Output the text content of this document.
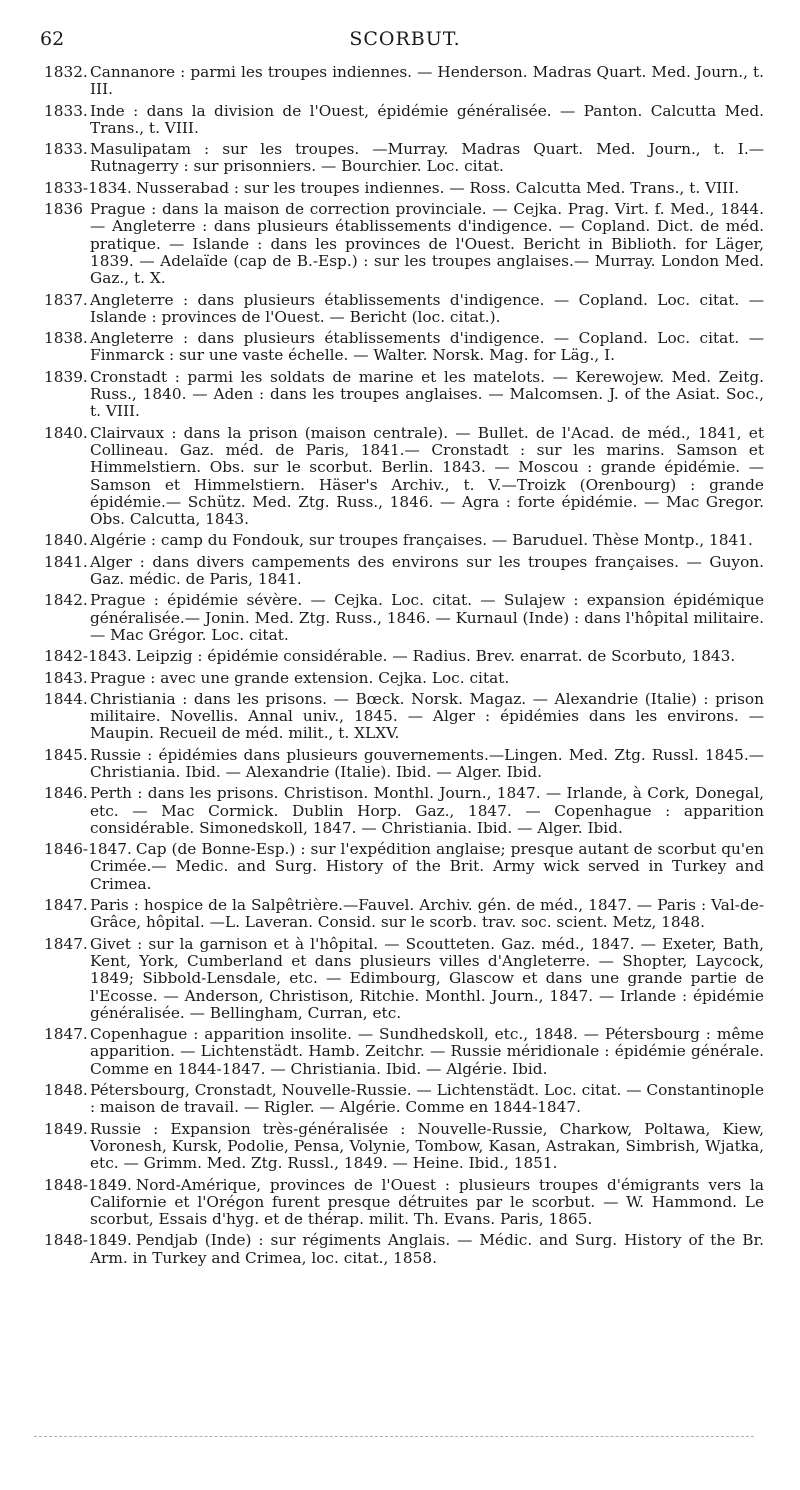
62	SCORBUT.
1832. Cannanore : parmi les troupes indiennes. — Henderson. Madras Quart. Med. Journ., t. III.
1833. Inde : dans la division de l'Ouest, épidémie généralisée. — Panton. Calcutta Med. Trans., t. VIII.
1833. Masulipatam : sur les troupes. —Murray. Madras Quart. Med. Journ., t. I.— Rutnagerry : sur prisonniers. — Bourchier. Loc. citat.
1833-1834. Nusserabad : sur les troupes indiennes. — Ross. Calcutta Med. Trans., t. VIII.
1836 Prague : dans la maison de correction provinciale. — Cejka. Prag. Virt. f. Med., 1844. — Angleterre : dans plusieurs établissements d'indigence. — Copland. Dict. de méd. pratique. — Islande : dans les provinces de l'Ouest. Bericht in Biblioth. for Läger, 1839. — Adelaïde (cap de B.-Esp.) : sur les troupes anglaises.— Murray. London Med. Gaz., t. X.
1837. Angleterre : dans plusieurs établissements d'indigence. — Copland. Loc. citat. — Islande : provinces de l'Ouest. — Bericht (loc. citat.).
1838. Angleterre : dans plusieurs établissements d'indigence. — Copland. Loc. citat. — Finmarck : sur une vaste échelle. — Walter. Norsk. Mag. for Läg., I.
1839. Cronstadt : parmi les soldats de marine et les matelots. — Kerewojew. Med. Zeitg. Russ., 1840. — Aden : dans les troupes anglaises. — Malcomsen. J. of the Asiat. Soc., t. VIII.
1840. Clairvaux : dans la prison (maison centrale). — Bullet. de l'Acad. de méd., 1841, et Collineau. Gaz. méd. de Paris, 1841.— Cronstadt : sur les marins. Samson et Himmelstiern. Obs. sur le scorbut. Berlin. 1843. — Moscou : grande épidémie. — Samson et Himmelstiern. Häser's Archiv., t. V.—Troizk (Orenbourg) : grande épidémie.— Schütz. Med. Ztg. Russ., 1846. — Agra : forte épidémie. — Mac Gregor. Obs. Calcutta, 1843.
1840. Algérie : camp du Fondouk, sur troupes françaises. — Baruduel. Thèse Montp., 1841.
1841. Alger : dans divers campements des environs sur les troupes françaises. — Guyon. Gaz. médic. de Paris, 1841.
1842. Prague : épidémie sévère. — Cejka. Loc. citat. — Sulajew : expansion épidémique généralisée.— Jonin. Med. Ztg. Russ., 1846. — Kurnaul (Inde) : dans l'hôpital militaire. — Mac Grégor. Loc. citat.
1842-1843. Leipzig : épidémie considérable. — Radius. Brev. enarrat. de Scorbuto, 1843.
1843. Prague : avec une grande extension. Cejka. Loc. citat.
1844. Christiania : dans les prisons. — Bœck. Norsk. Magaz. — Alexandrie (Italie) : prison militaire. Novellis. Annal univ., 1845. — Alger : épidémies dans les environs. — Maupin. Recueil de méd. milit., t. XLXV.
1845. Russie : épidémies dans plusieurs gouvernements.—Lingen. Med. Ztg. Russl. 1845.— Christiania. Ibid. — Alexandrie (Italie). Ibid. — Alger. Ibid.
1846. Perth : dans les prisons. Christison. Monthl. Journ., 1847. — Irlande, à Cork, Donegal, etc. — Mac Cormick. Dublin Horp. Gaz., 1847. — Copenhague : apparition considérable. Simonedskoll, 1847. — Christiania. Ibid. — Alger. Ibid.
1846-1847. Cap (de Bonne-Esp.) : sur l'expédition anglaise; presque autant de scorbut qu'en Crimée.— Medic. and Surg. History of the Brit. Army wick served in Turkey and Crimea.
1847. Paris : hospice de la Salpêtrière.—Fauvel. Archiv. gén. de méd., 1847. — Paris : Val-de-Grâce, hôpital. —L. Laveran. Consid. sur le scorb. trav. soc. scient. Metz, 1848.
1847. Givet : sur la garnison et à l'hôpital. — Scoutteten. Gaz. méd., 1847. — Exeter, Bath, Kent, York, Cumberland et dans plusieurs villes d'Angleterre. — Shopter, Laycock, 1849; Sibbold-Lensdale, etc. — Edimbourg, Glascow et dans une grande partie de l'Ecosse. — Anderson, Christison, Ritchie. Monthl. Journ., 1847. — Irlande : épidémie généralisée. — Bellingham, Curran, etc.
1847. Copenhague : apparition insolite. — Sundhedskoll, etc., 1848. — Pétersbourg : même apparition. — Lichtenstädt. Hamb. Zeitchr. — Russie méridionale : épidémie générale. Comme en 1844-1847. — Christiania. Ibid. — Algérie. Ibid.
1848. Pétersbourg, Cronstadt, Nouvelle-Russie. — Lichtenstädt. Loc. citat. — Constantinople : maison de travail. — Rigler. — Algérie. Comme en 1844-1847.
1849. Russie : Expansion très-généralisée : Nouvelle-Russie, Charkow, Poltawa, Kiew, Voronesh, Kursk, Podolie, Pensa, Volynie, Tombow, Kasan, Astrakan, Simbrish, Wjatka, etc. — Grimm. Med. Ztg. Russl., 1849. — Heine. Ibid., 1851.
1848-1849. Nord-Amérique, provinces de l'Ouest : plusieurs troupes d'émigrants vers la Californie et l'Orégon furent presque détruites par le scorbut. — W. Hammond. Le scorbut, Essais d'hyg. et de thérap. milit. Th. Evans. Paris, 1865.
1848-1849. Pendjab (Inde) : sur régiments Anglais. — Médic. and Surg. History of the Br. Arm. in Turkey and Crimea, loc. citat., 1858.
